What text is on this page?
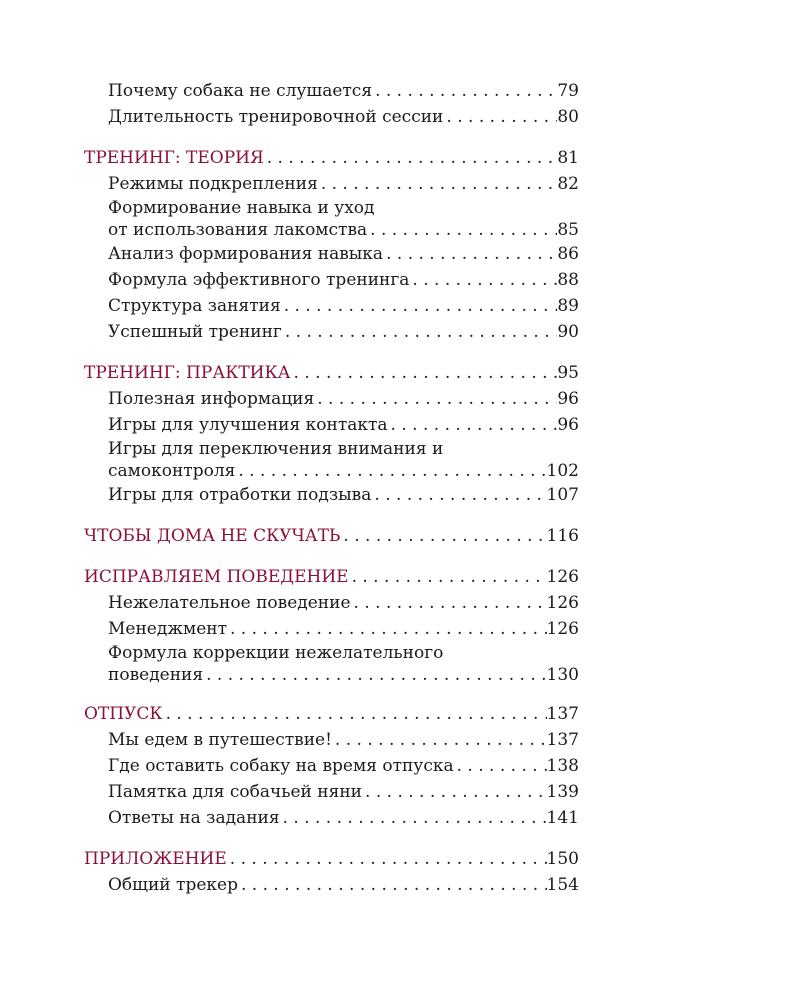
Почему собака не слушается . . .	79
Длительность тренировочной сессии . . .	80
ТРЕНИНГ: ТЕОРИЯ . . .	81
Режимы подкрепления . . .	82
Формирование навыка и уход
от использования лакомства . . .	85
Анализ формирования навыка . . .	86
Формула эффективного тренинга . . .	88
Структура занятия . . .	89
Успешный тренинг . . .	90
ТРЕНИНГ: ПРАКТИКА . . .	95
Полезная информация . . .	96
Игры для улучшения контакта . . .	96
Игры для переключения внимания и
самоконтроля . . .	102
Игры для отработки подзыва . . .	107
ЧТОБЫ ДОМА НЕ СКУЧАТЬ . . .	116
ИСПРАВЛЯЕМ ПОВЕДЕНИЕ . . .	126
Нежелательное поведение . . .	126
Менеджмент . . .	126
Формула коррекции нежелательного
поведения . . .	130
ОТПУСК . . .	137
Мы едем в путешествие! . . .	137
Где оставить собаку на время отпуска . . .	138
Памятка для собачьей няни . . .	139
Ответы на задания . . .	141
ПРИЛОЖЕНИЕ . . .	150
Общий трекер . . .	154
